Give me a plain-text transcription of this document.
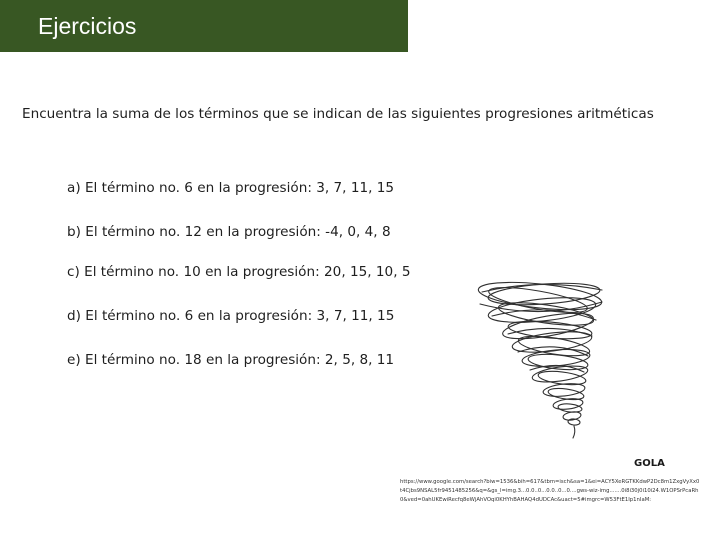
Ejercicios
Encuentra la suma de los términos que se indican de las siguientes progresiones aritméticas
a) El término no. 6 en la progresión: 3, 7, 11, 15
b) El término no. 12 en la progresión: -4, 0, 4, 8
c) El término no. 10 en la progresión: 20, 15, 10, 5
d) El término no. 6 en la progresión: 3, 7, 11, 15
e) El término no. 18 en la progresión: 2, 5, 8, 11
GOLA
https://www.google.com/search?biw=1536&bih=617&tbm=isch&sa=1&ei=ACY5XeRGTKKdwP2Dc8m1ZxgVyXx0t4Cjbs9NSAL5fr9451485256&q=&gs_l=img.3...0.0..0...0.0..0...0....gws-wiz-img.......0i8i30j0i10i24.W1OPSrPcaRh0&ved=0ahUKEwiRecfq8eWjAhVOqi0KHYhBAHAQ4dUDCAc&uact=5#imgrc=W53FtE1Ip1nIaM:
